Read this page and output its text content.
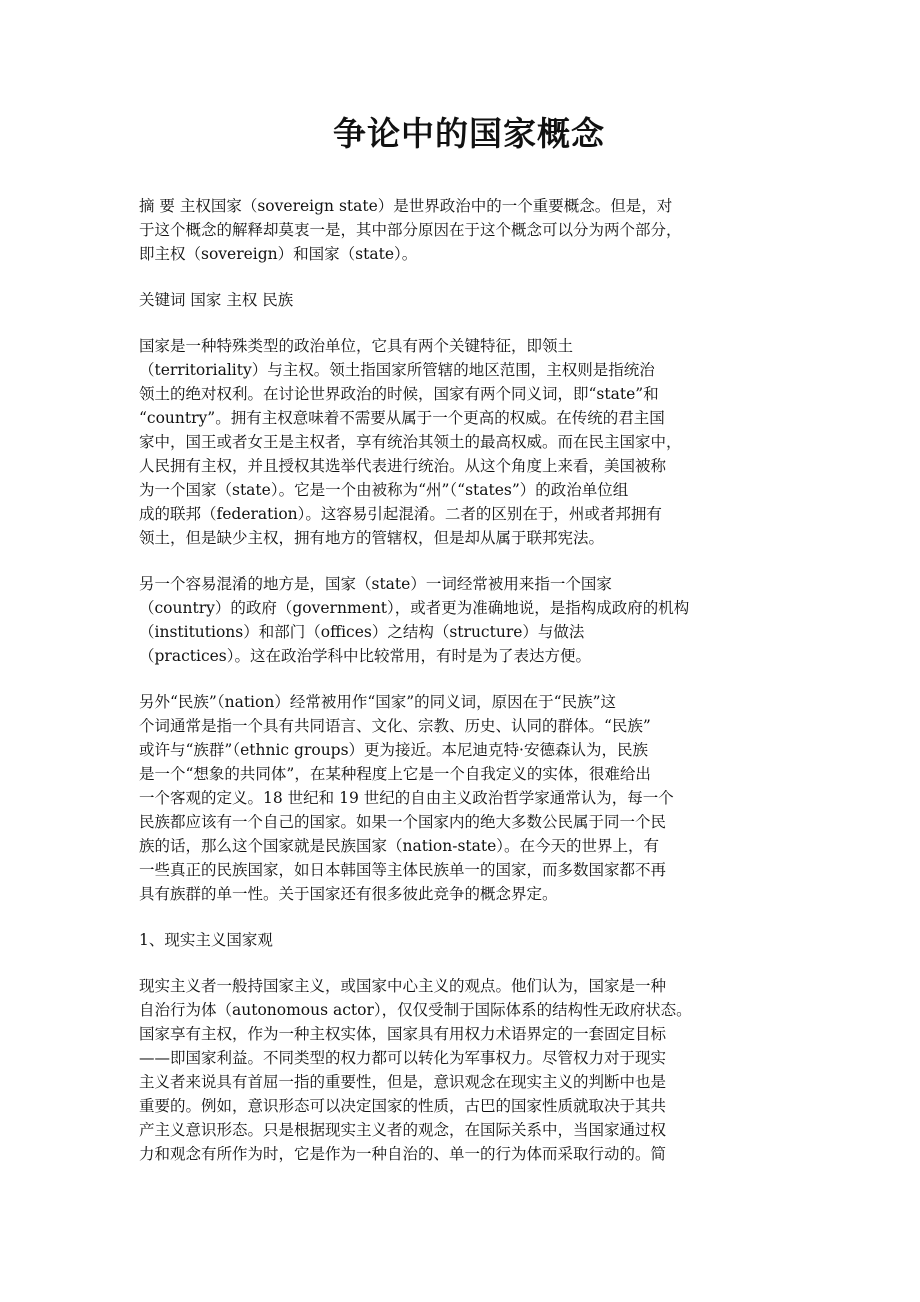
争论中的国家概念
摘 要 主权国家（sovereign state）是世界政治中的一个重要概念。但是，对
于这个概念的解释却莫衷一是，其中部分原因在于这个概念可以分为两个部分，
即主权（sovereign）和国家（state）。
关键词 国家 主权 民族
国家是一种特殊类型的政治单位，它具有两个关键特征，即领土
（territoriality）与主权。领土指国家所管辖的地区范围，主权则是指统治
领土的绝对权利。在讨论世界政治的时候，国家有两个同义词，即“state”和
“country”。拥有主权意味着不需要从属于一个更高的权威。在传统的君主国
家中，国王或者女王是主权者，享有统治其领土的最高权威。而在民主国家中，
人民拥有主权，并且授权其选举代表进行统治。从这个角度上来看，美国被称
为一个国家（state）。它是一个由被称为“州”（“states”）的政治单位组
成的联邦（federation）。这容易引起混淆。二者的区别在于，州或者邦拥有
领土，但是缺少主权，拥有地方的管辖权，但是却从属于联邦宪法。
另一个容易混淆的地方是，国家（state）一词经常被用来指一个国家
（country）的政府（government），或者更为准确地说，是指构成政府的机构
（institutions）和部门（offices）之结构（structure）与做法
（practices）。这在政治学科中比较常用，有时是为了表达方便。
另外“民族”（nation）经常被用作“国家”的同义词，原因在于“民族”这
个词通常是指一个具有共同语言、文化、宗教、历史、认同的群体。“民族”
或许与“族群”（ethnic groups）更为接近。本尼迪克特·安德森认为，民族
是一个“想象的共同体”，在某种程度上它是一个自我定义的实体，很难给出
一个客观的定义。18 世纪和 19 世纪的自由主义政治哲学家通常认为，每一个
民族都应该有一个自己的国家。如果一个国家内的绝大多数公民属于同一个民
族的话，那么这个国家就是民族国家（nation-state）。在今天的世界上，有
一些真正的民族国家，如日本韩国等主体民族单一的国家，而多数国家都不再
具有族群的单一性。关于国家还有很多彼此竞争的概念界定。
1、现实主义国家观
现实主义者一般持国家主义，或国家中心主义的观点。他们认为，国家是一种
自治行为体（autonomous actor），仅仅受制于国际体系的结构性无政府状态。
国家享有主权，作为一种主权实体，国家具有用权力术语界定的一套固定目标
——即国家利益。不同类型的权力都可以转化为军事权力。尽管权力对于现实
主义者来说具有首屈一指的重要性，但是，意识观念在现实主义的判断中也是
重要的。例如，意识形态可以决定国家的性质，古巴的国家性质就取决于其共
产主义意识形态。只是根据现实主义者的观念，在国际关系中，当国家通过权
力和观念有所作为时，它是作为一种自治的、单一的行为体而采取行动的。简
